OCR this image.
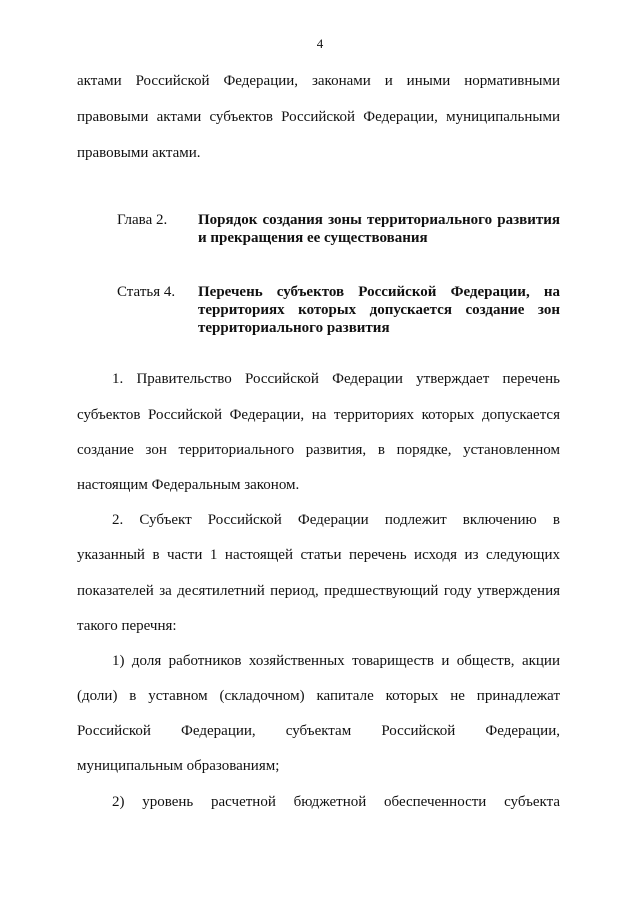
4
актами Российской Федерации, законами и иными нормативными
правовыми актами субъектов Российской Федерации, муниципальными
правовыми актами.
Глава 2. Порядок создания зоны территориального развития
и прекращения ее существования
Статья 4. Перечень субъектов Российской Федерации, на
территориях которых допускается создание зон
территориального развития
1. Правительство Российской Федерации утверждает перечень
субъектов Российской Федерации, на территориях которых допускается
создание зон территориального развития, в порядке, установленном
настоящим Федеральным законом.
2. Субъект Российской Федерации подлежит включению в
указанный в части 1 настоящей статьи перечень исходя из следующих
показателей за десятилетний период, предшествующий году утверждения
такого перечня:
1) доля работников хозяйственных товариществ и обществ, акции
(доли) в уставном (складочном) капитале которых не принадлежат
Российской Федерации, субъектам Российской Федерации,
муниципальным образованиям;
2) уровень расчетной бюджетной обеспеченности субъекта
